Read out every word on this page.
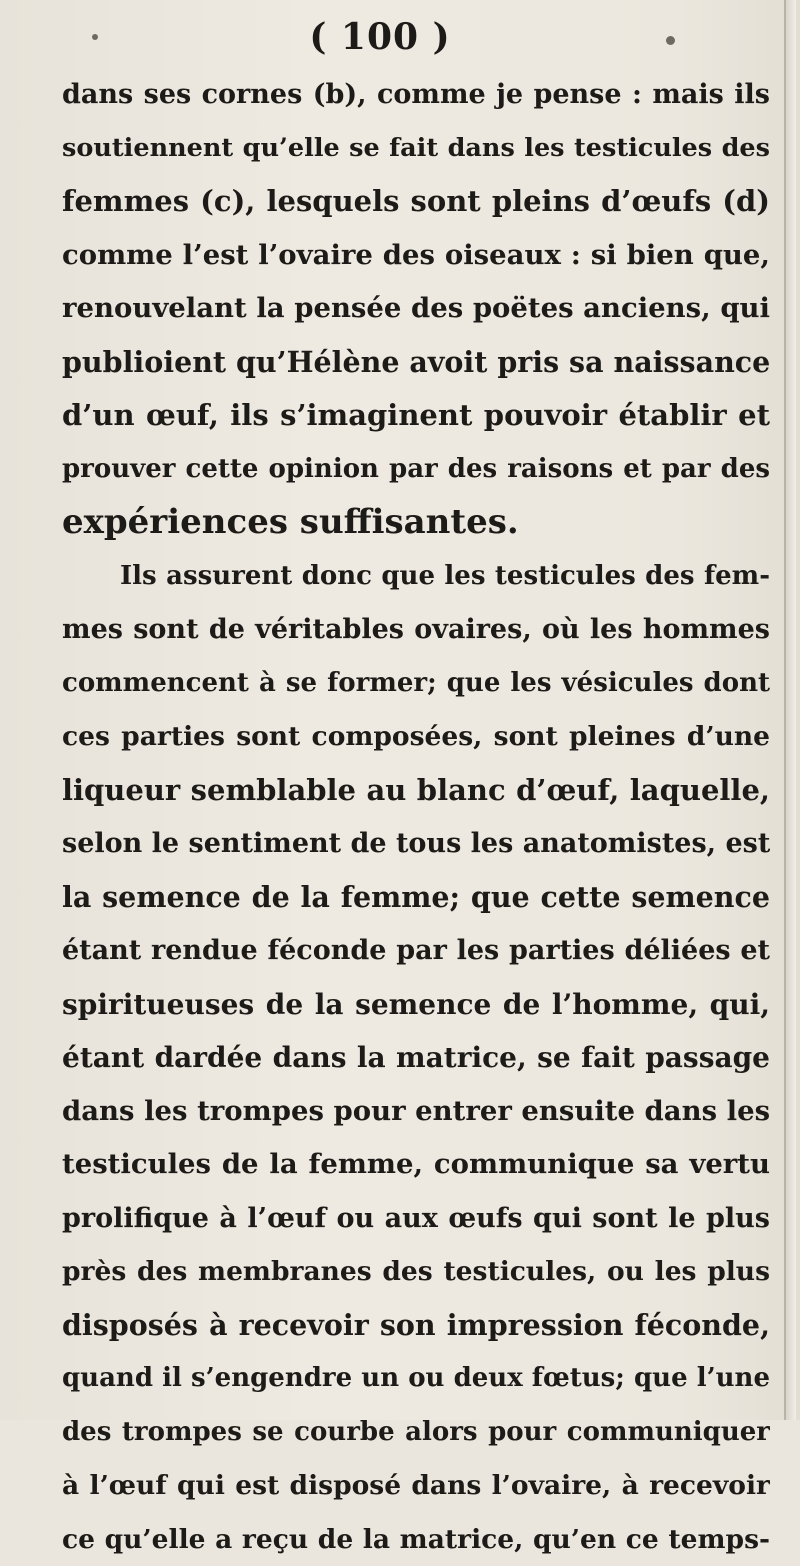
( 100 )
dans ses cornes (b), comme je pense : mais ils
soutiennent qu’elle se fait dans les testicules des
femmes (c), lesquels sont pleins d’œufs (d)
comme l’est l’ovaire des oiseaux : si bien que,
renouvelant la pensée des poëtes anciens, qui
publioient qu’Hélène avoit pris sa naissance
d’un œuf, ils s’imaginent pouvoir établir et
prouver cette opinion par des raisons et par des
expériences suffisantes.
Ils assurent donc que les testicules des fem-
mes sont de véritables ovaires, où les hommes
commencent à se former; que les vésicules dont
ces parties sont composées, sont pleines d’une
liqueur semblable au blanc d’œuf, laquelle,
selon le sentiment de tous les anatomistes, est
la semence de la femme; que cette semence
étant rendue féconde par les parties déliées et
spiritueuses de la semence de l’homme, qui,
étant dardée dans la matrice, se fait passage
dans les trompes pour entrer ensuite dans les
testicules de la femme, communique sa vertu
prolifique à l’œuf ou aux œufs qui sont le plus
près des membranes des testicules, ou les plus
disposés à recevoir son impression féconde,
quand il s’engendre un ou deux fœtus; que l’une
des trompes se courbe alors pour communiquer
à l’œuf qui est disposé dans l’ovaire, à recevoir
ce qu’elle a reçu de la matrice, qu’en ce temps-
